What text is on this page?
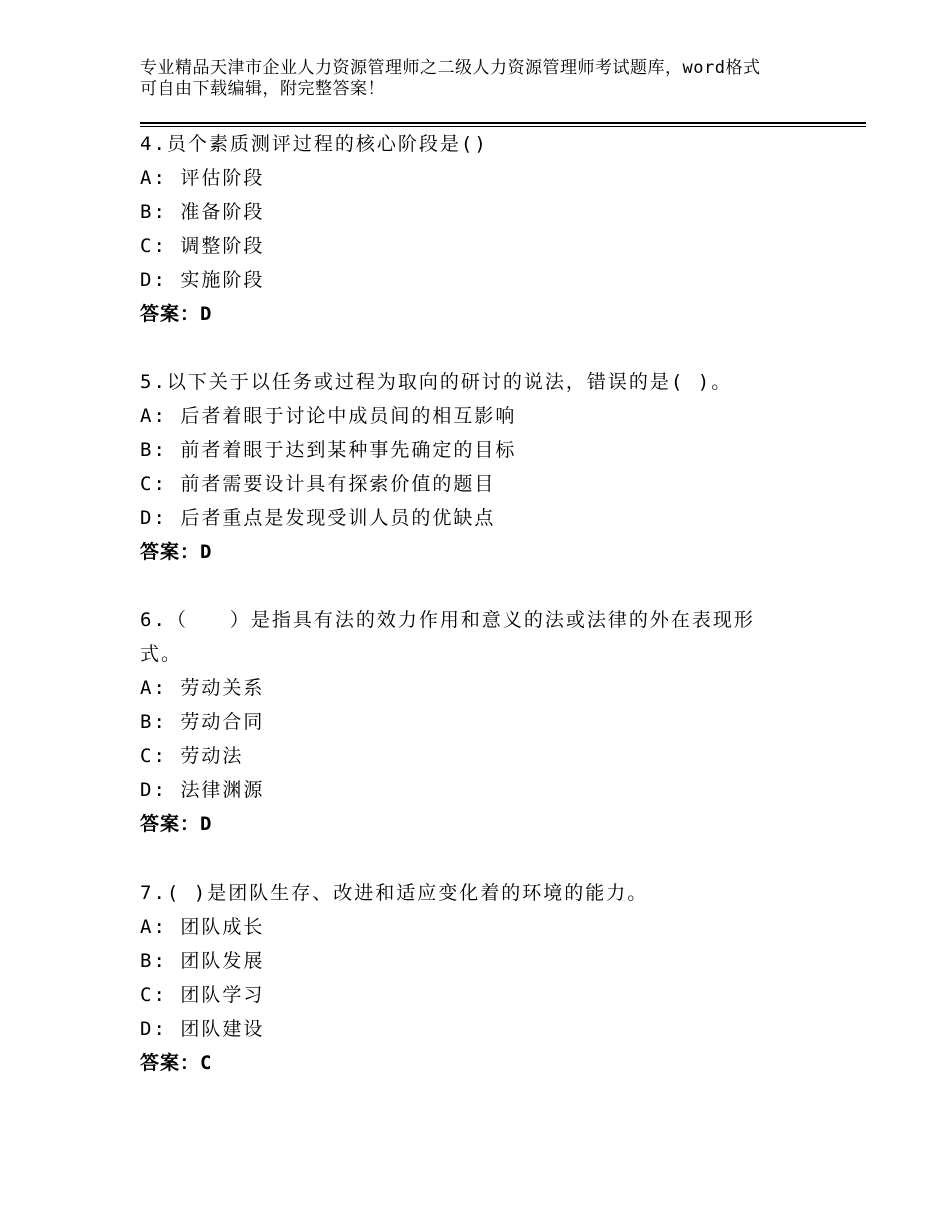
专业精品天津市企业人力资源管理师之二级人力资源管理师考试题库，word格式
可自由下载编辑，附完整答案！
4.员个素质测评过程的核心阶段是()
A: 评估阶段
B: 准备阶段
C: 调整阶段
D: 实施阶段
答案：D
5.以下关于以任务或过程为取向的研讨的说法，错误的是( )。
A: 后者着眼于讨论中成员间的相互影响
B: 前者着眼于达到某种事先确定的目标
C: 前者需要设计具有探索价值的题目
D: 后者重点是发现受训人员的优缺点
答案：D
6.（　　）是指具有法的效力作用和意义的法或法律的外在表现形式。
A: 劳动关系
B: 劳动合同
C: 劳动法
D: 法律渊源
答案：D
7.( )是团队生存、改进和适应变化着的环境的能力。
A: 团队成长
B: 团队发展
C: 团队学习
D: 团队建设
答案：C
